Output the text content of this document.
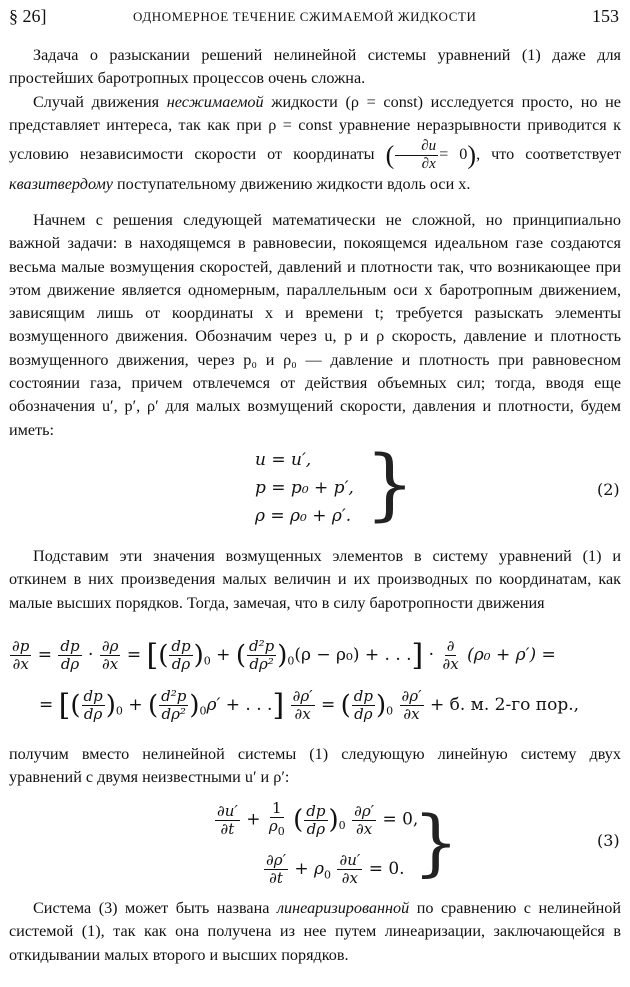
§ 26]	ОДНОМЕРНОЕ ТЕЧЕНИЕ СЖИМАЕМОЙ ЖИДКОСТИ	153
Задача о разыскании решений нелинейной системы уравнений (1) даже для простейших баротропных процессов очень сложна.
Случай движения несжимаемой жидкости (ρ = const) исследуется просто, но не представляет интереса, так как при ρ = const уравнение неразрывности приводится к условию независимости скорости от координаты ( $\frac{\partial u}{\partial x} = 0$), что соответствует квазитвердому поступательному движению жидкости вдоль оси x.
Начнем с решения следующей математически не сложной, но принципиально важной задачи: в находящемся в равновесии, покоящемся идеальном газе создаются весьма малые возмущения скоростей, давлений и плотности так, что возникающее при этом движение является одномерным, параллельным оси x баротропным движением, зависящим лишь от координаты x и времени t; требуется разыскать элементы возмущенного движения. Обозначим через u, p и ρ скорость, давление и плотность возмущенного движения, через p₀ и ρ₀ — давление и плотность при равновесном состоянии газа, причем отвлечемся от действия объемных сил; тогда, вводя еще обозначения u′, p′, ρ′ для малых возмущений скорости, давления и плотности, будем иметь:
u = u′,
p = p₀ + p′,
ρ = ρ₀ + ρ′. }	(2)
Подставим эти значения возмущенных элементов в систему уравнений (1) и откинем в них произведения малых величин и их производных по координатам, как малые высших порядков. Тогда, замечая, что в силу баротропности движения
$\frac{\partial p}{\partial x} = \frac{dp}{d\rho} \cdot \frac{\partial\rho}{\partial x}$ = [( $\frac{dp}{d\rho} )_0$ + ( $\frac{\text{d²p}}{\text{dρ²}} )_0(\rho - \rho_0)$ + . . .] · $\frac{\partial}{\partial x} (\rho_0 + \rho')$ =
= [( $\frac{dp}{d\rho} )_0$ + ( $\frac{\text{d²p}}{\text{dρ²}} )_0\rho'$ + . . .] $\frac{\partial\rho'}{\partial x}$ = ( $\frac{dp}{d\rho} )_0 \frac{\partial\rho'}{\partial x} + б$. м. 2-го пор.,
получим вместо нелинейной системы (1) следующую линейную систему двух уравнений с двумя неизвестными u′ и ρ′:
$\frac{\partial u'}{\partial t} + \frac{1}{\rho_0}$ ( $\frac{dp}{d\rho} )_0 \frac{\partial\rho'}{\partial x} = 0$,
$\frac{\partial\rho'}{\partial t} + \rho_0 \frac{\partial u'}{\partial x} = 0$. }	(3)
Система (3) может быть названа линеаризированной по сравнению с нелинейной системой (1), так как она получена из нее путем линеаризации, заключающейся в откидывании малых второго и высших порядков.
